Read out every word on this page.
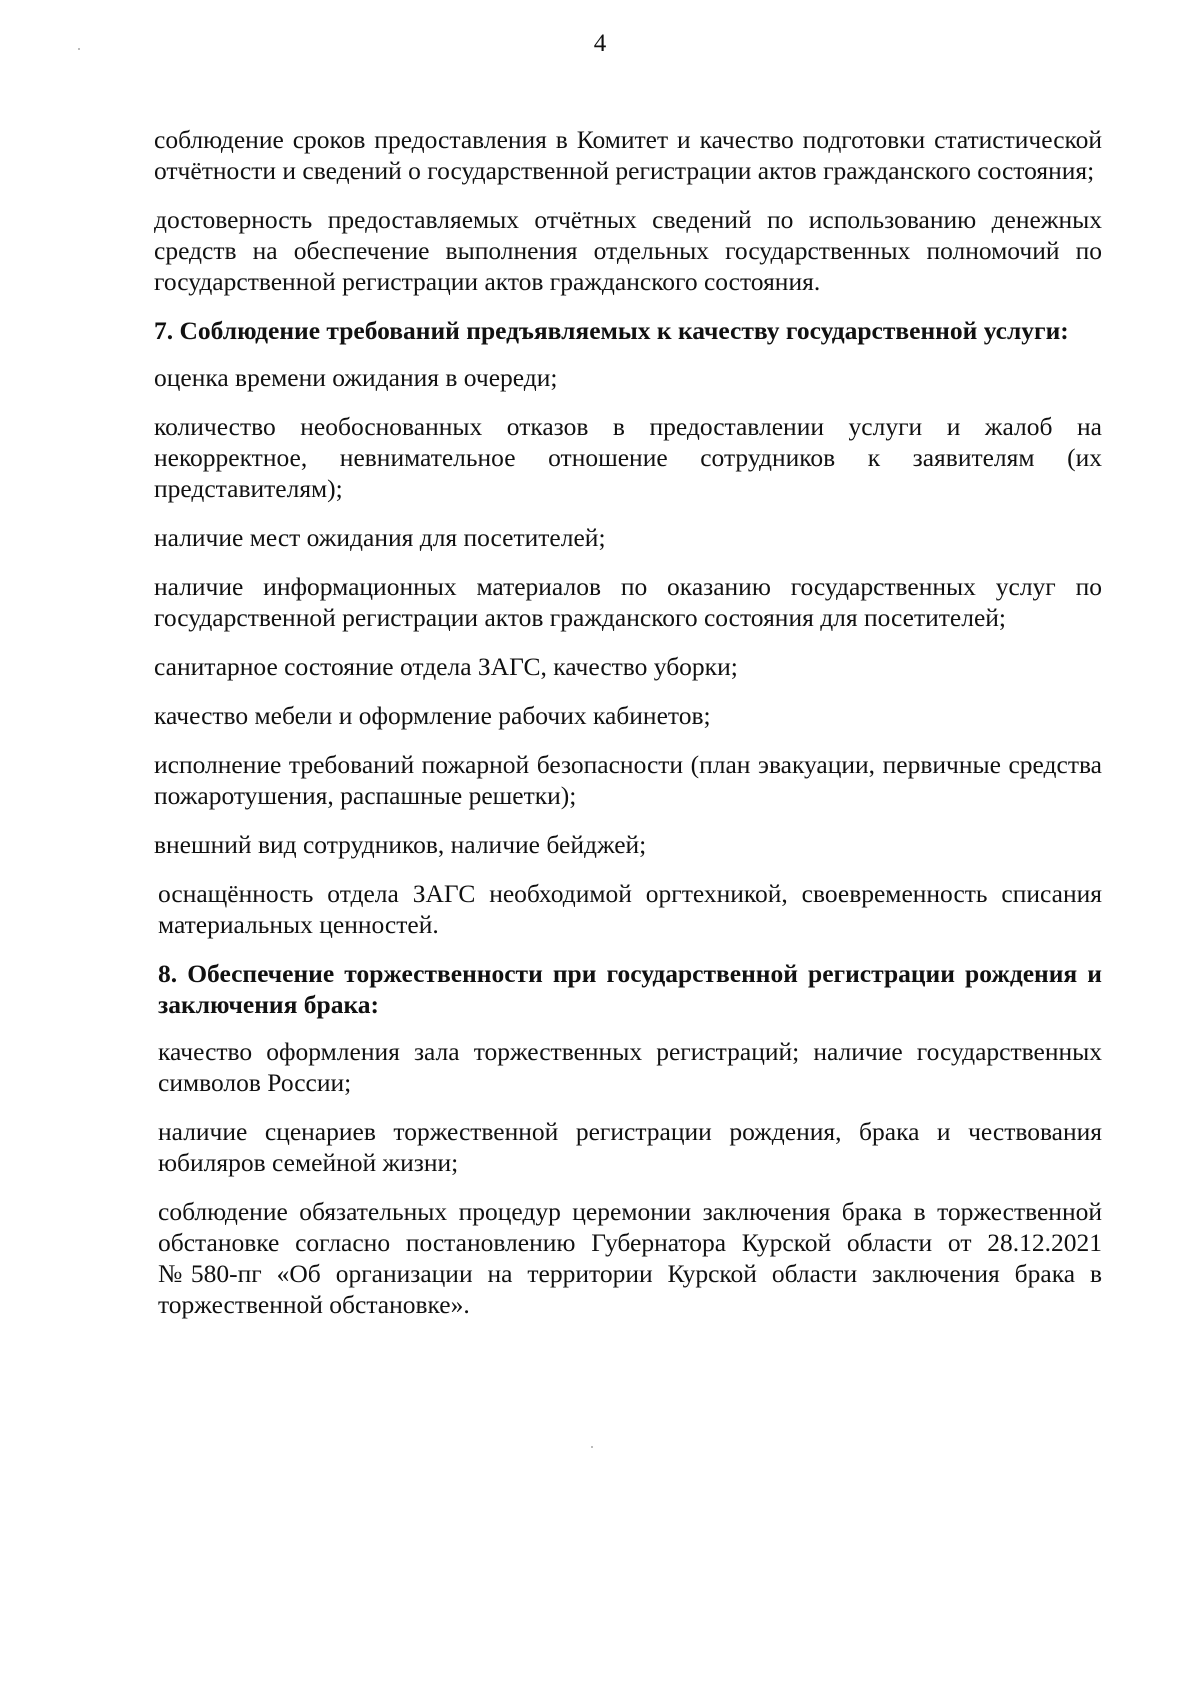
4

соблюдение сроков предоставления в Комитет и качество подготовки статистической отчётности и сведений о государственной регистрации актов гражданского состояния;

достоверность предоставляемых отчётных сведений по использованию денежных средств на обеспечение выполнения отдельных государственных полномочий по государственной регистрации актов гражданского состояния.

7. Соблюдение требований предъявляемых к качеству государственной услуги:

оценка времени ожидания в очереди;

количество необоснованных отказов в предоставлении услуги и жалоб на некорректное, невнимательное отношение сотрудников к заявителям (их представителям);

наличие мест ожидания для посетителей;

наличие информационных материалов по оказанию государственных услуг по государственной регистрации актов гражданского состояния для посетителей;

санитарное состояние отдела ЗАГС, качество уборки;

качество мебели и оформление рабочих кабинетов;

исполнение требований пожарной безопасности (план эвакуации, первичные средства пожаротушения, распашные решетки);

внешний вид сотрудников, наличие бейджей;

оснащённость отдела ЗАГС необходимой оргтехникой, своевременность списания материальных ценностей.

8. Обеспечение торжественности при государственной регистрации рождения и заключения брака:

качество оформления зала торжественных регистраций; наличие государственных символов России;

наличие сценариев торжественной регистрации рождения, брака и чествования юбиляров семейной жизни;

соблюдение обязательных процедур церемонии заключения брака в торжественной обстановке согласно постановлению Губернатора Курской области от 28.12.2021 №580-пг «Об организации на территории Курской области заключения брака в торжественной обстановке».
